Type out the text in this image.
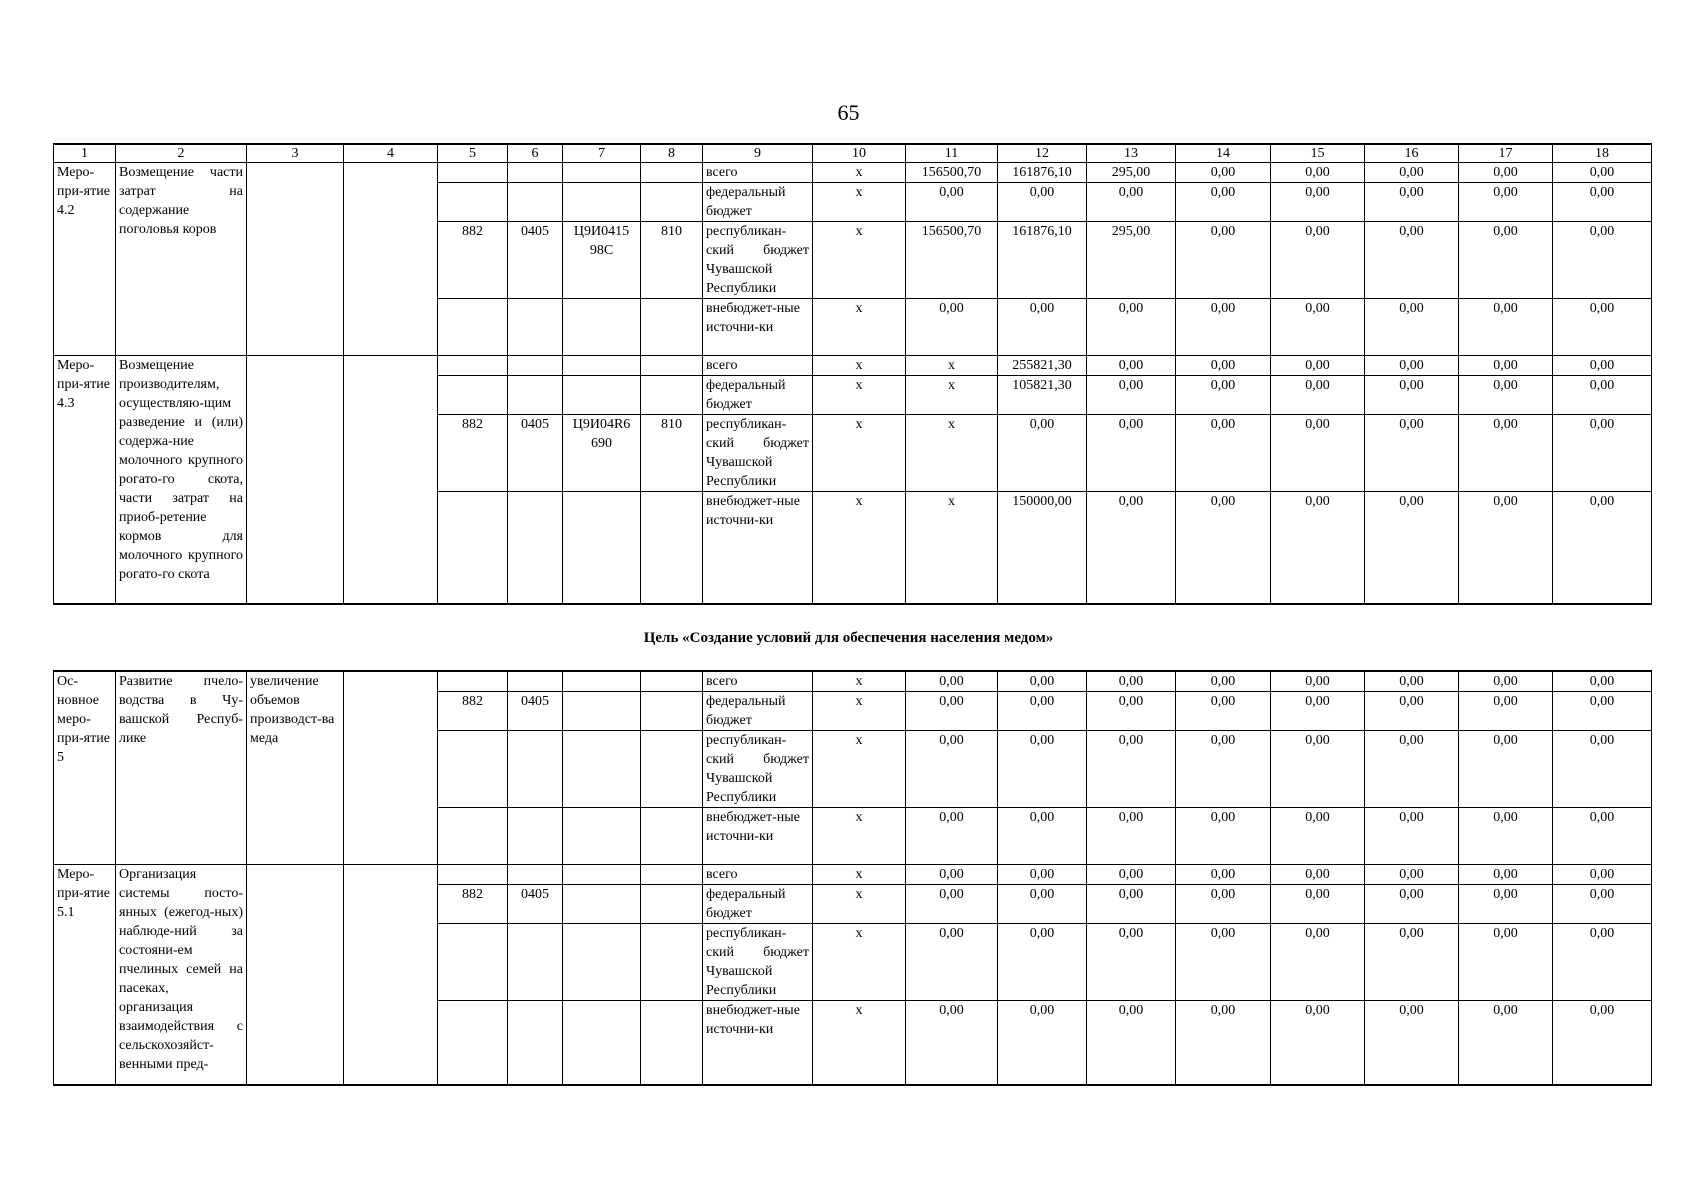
65
1	2	3	4	5	6	7	8	9	10	11	12	13	14	15	16	17	18
Меро-при-ятие 4.2	Возмещение части затрат на содержание поголовья коров							всего	x	156500,70	161876,10	295,00	0,00	0,00	0,00	0,00	0,00
								федеральный бюджет	x	0,00	0,00	0,00	0,00	0,00	0,00	0,00	0,00
				882	0405	Ц9И0415 98С	810	республикан-ский бюджет Чувашской Республики	x	156500,70	161876,10	295,00	0,00	0,00	0,00	0,00	0,00
								внебюджет-ные источни-ки	x	0,00	0,00	0,00	0,00	0,00	0,00	0,00	0,00
Меро-при-ятие 4.3	Возмещение производителям, осуществляю-щим разведение и (или) содержа-ние молочного крупного рогато-го скота, части затрат на приоб-ретение кормов для молочного крупного рогато-го скота							всего	x	x	255821,30	0,00	0,00	0,00	0,00	0,00	0,00
								федеральный бюджет	x	x	105821,30	0,00	0,00	0,00	0,00	0,00	0,00
				882	0405	Ц9И04R6 690	810	республикан-ский бюджет Чувашской Республики	x	x	0,00	0,00	0,00	0,00	0,00	0,00	0,00
								внебюджет-ные источни-ки	x	x	150000,00	0,00	0,00	0,00	0,00	0,00	0,00
Цель «Создание условий для обеспечения населения медом»
Ос-новное меро-при-ятие 5	Развитие пчело-водства в Чу-вашской Респуб-лике	увеличение объемов производст-ва меда						всего	x	0,00	0,00	0,00	0,00	0,00	0,00	0,00	0,00
				882	0405			федеральный бюджет	x	0,00	0,00	0,00	0,00	0,00	0,00	0,00	0,00
								республикан-ский бюджет Чувашской Республики	x	0,00	0,00	0,00	0,00	0,00	0,00	0,00	0,00
								внебюджет-ные источни-ки	x	0,00	0,00	0,00	0,00	0,00	0,00	0,00	0,00
Меро-при-ятие 5.1	Организация системы посто-янных (ежегод-ных) наблюде-ний за состояни-ем пчелиных семей на пасеках, организация взаимодействия с сельскохозяйст-венными пред-							всего	x	0,00	0,00	0,00	0,00	0,00	0,00	0,00	0,00
				882	0405			федеральный бюджет	x	0,00	0,00	0,00	0,00	0,00	0,00	0,00	0,00
								республикан-ский бюджет Чувашской Республики	x	0,00	0,00	0,00	0,00	0,00	0,00	0,00	0,00
								внебюджет-ные источни-ки	x	0,00	0,00	0,00	0,00	0,00	0,00	0,00	0,00
